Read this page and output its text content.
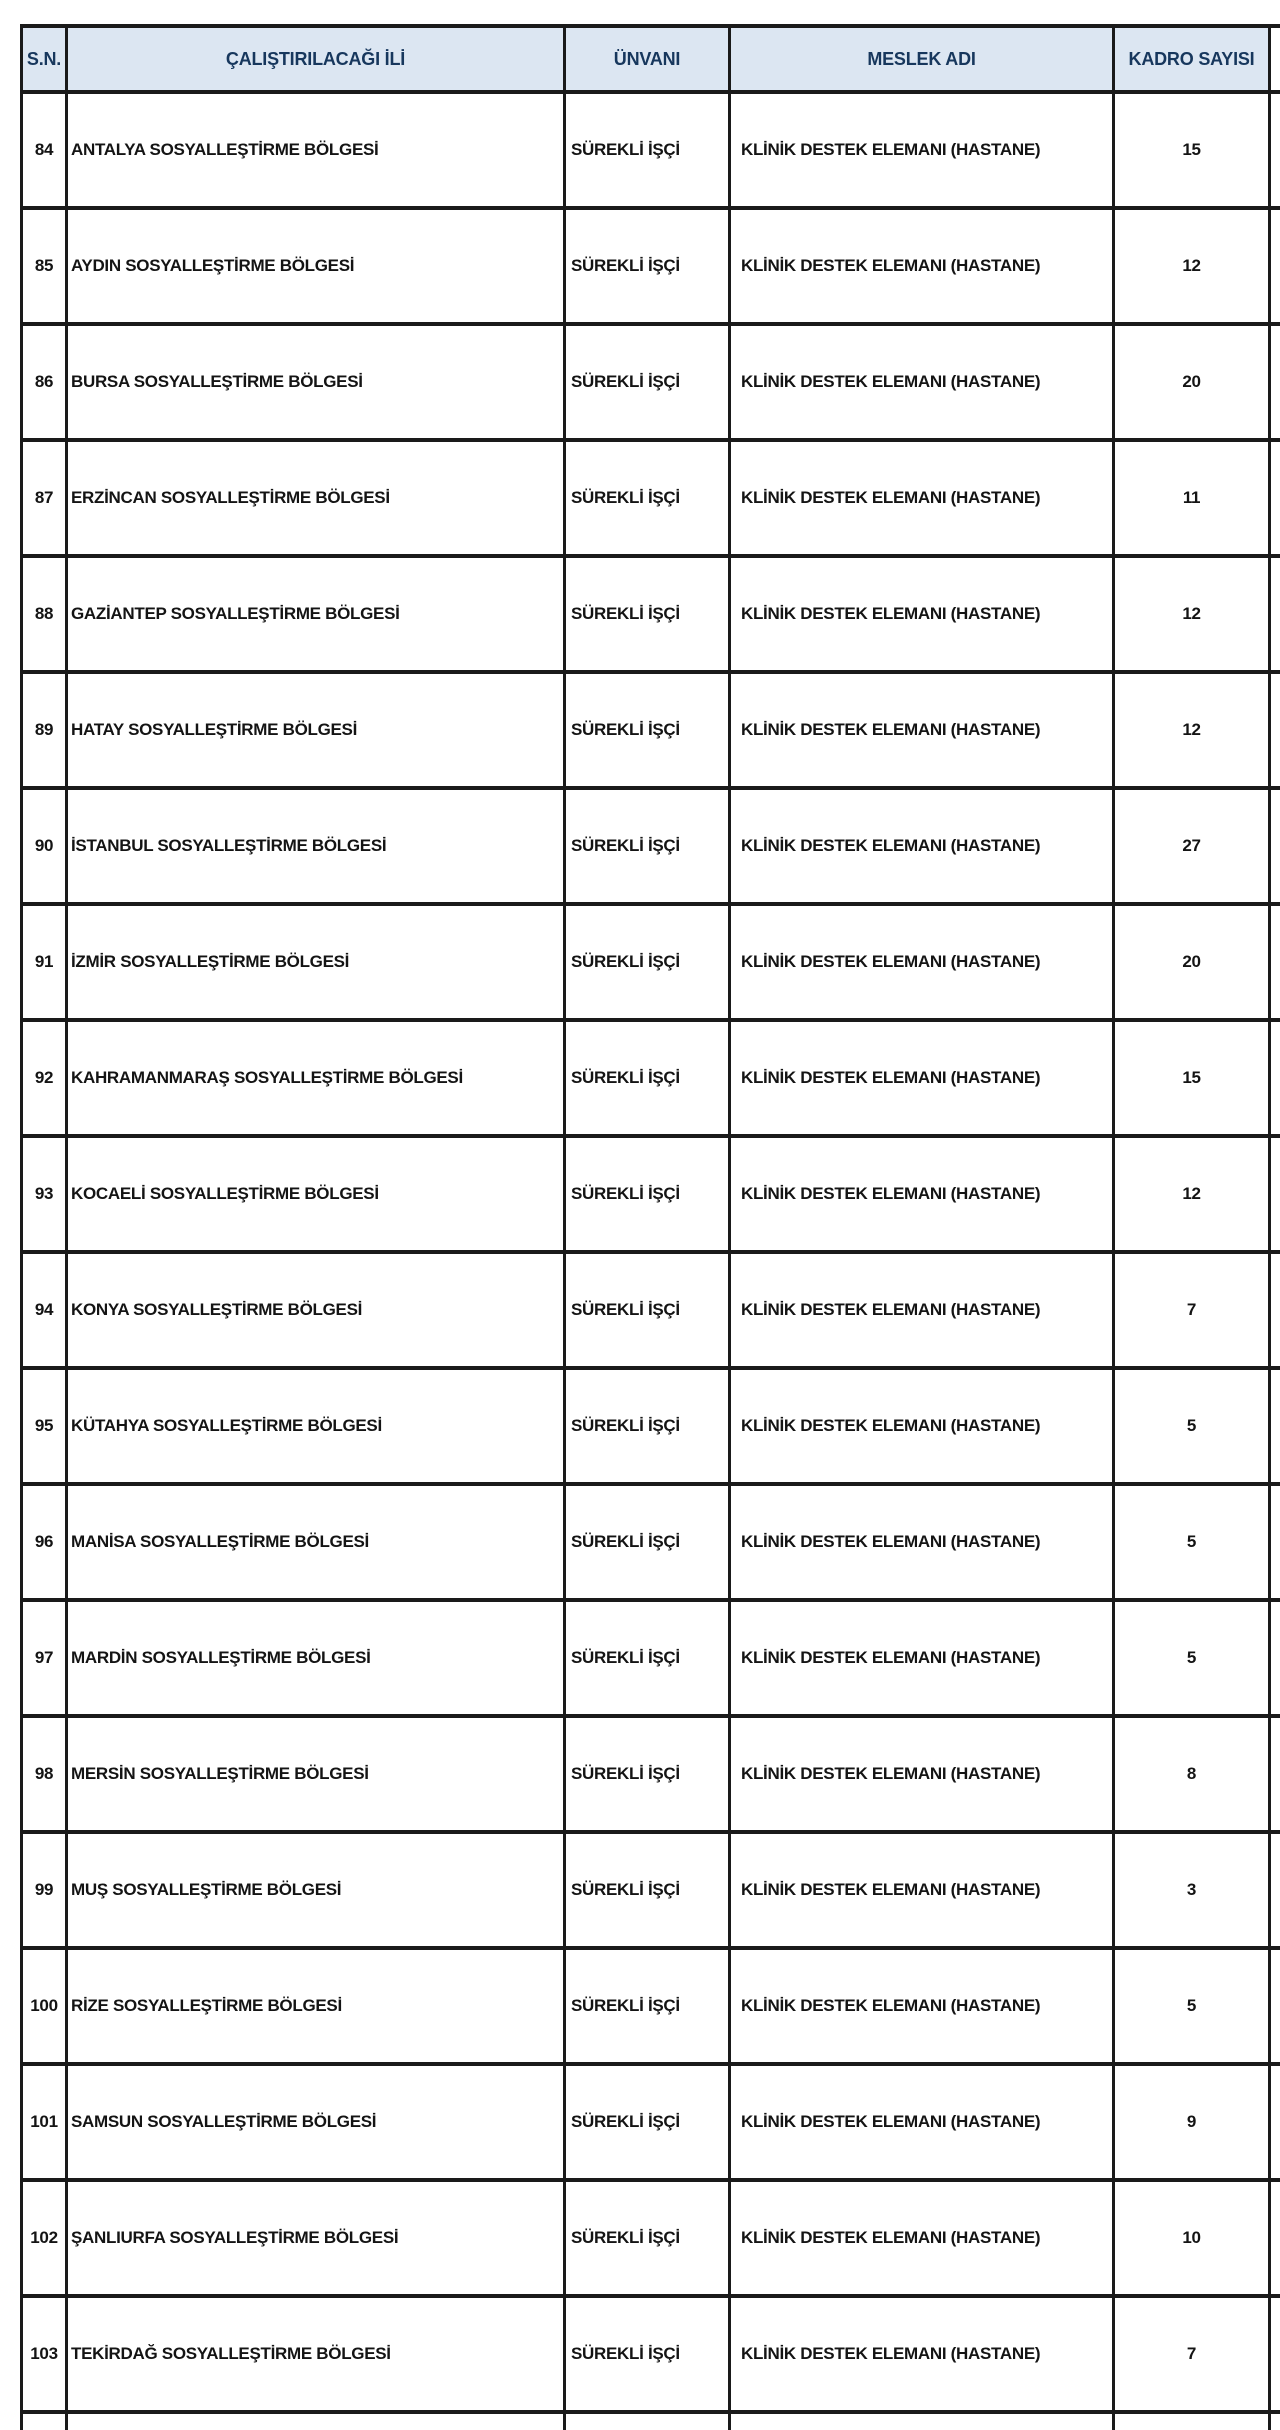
S.N.	ÇALIŞTIRILACAĞI İLİ	ÜNVANI	MESLEK ADI	KADRO SAYISI	
84	ANTALYA SOSYALLEŞTİRME BÖLGESİ	SÜREKLİ İŞÇİ	KLİNİK DESTEK ELEMANI (HASTANE)	15	
85	AYDIN SOSYALLEŞTİRME BÖLGESİ	SÜREKLİ İŞÇİ	KLİNİK DESTEK ELEMANI (HASTANE)	12	
86	BURSA SOSYALLEŞTİRME BÖLGESİ	SÜREKLİ İŞÇİ	KLİNİK DESTEK ELEMANI (HASTANE)	20	
87	ERZİNCAN SOSYALLEŞTİRME BÖLGESİ	SÜREKLİ İŞÇİ	KLİNİK DESTEK ELEMANI (HASTANE)	11	
88	GAZİANTEP SOSYALLEŞTİRME BÖLGESİ	SÜREKLİ İŞÇİ	KLİNİK DESTEK ELEMANI (HASTANE)	12	
89	HATAY SOSYALLEŞTİRME BÖLGESİ	SÜREKLİ İŞÇİ	KLİNİK DESTEK ELEMANI (HASTANE)	12	
90	İSTANBUL SOSYALLEŞTİRME BÖLGESİ	SÜREKLİ İŞÇİ	KLİNİK DESTEK ELEMANI (HASTANE)	27	
91	İZMİR SOSYALLEŞTİRME BÖLGESİ	SÜREKLİ İŞÇİ	KLİNİK DESTEK ELEMANI (HASTANE)	20	
92	KAHRAMANMARAŞ SOSYALLEŞTİRME BÖLGESİ	SÜREKLİ İŞÇİ	KLİNİK DESTEK ELEMANI (HASTANE)	15	
93	KOCAELİ SOSYALLEŞTİRME BÖLGESİ	SÜREKLİ İŞÇİ	KLİNİK DESTEK ELEMANI (HASTANE)	12	
94	KONYA SOSYALLEŞTİRME BÖLGESİ	SÜREKLİ İŞÇİ	KLİNİK DESTEK ELEMANI (HASTANE)	7	
95	KÜTAHYA SOSYALLEŞTİRME BÖLGESİ	SÜREKLİ İŞÇİ	KLİNİK DESTEK ELEMANI (HASTANE)	5	
96	MANİSA SOSYALLEŞTİRME BÖLGESİ	SÜREKLİ İŞÇİ	KLİNİK DESTEK ELEMANI (HASTANE)	5	
97	MARDİN SOSYALLEŞTİRME BÖLGESİ	SÜREKLİ İŞÇİ	KLİNİK DESTEK ELEMANI (HASTANE)	5	
98	MERSİN SOSYALLEŞTİRME BÖLGESİ	SÜREKLİ İŞÇİ	KLİNİK DESTEK ELEMANI (HASTANE)	8	
99	MUŞ SOSYALLEŞTİRME BÖLGESİ	SÜREKLİ İŞÇİ	KLİNİK DESTEK ELEMANI (HASTANE)	3	
100	RİZE SOSYALLEŞTİRME BÖLGESİ	SÜREKLİ İŞÇİ	KLİNİK DESTEK ELEMANI (HASTANE)	5	
101	SAMSUN SOSYALLEŞTİRME BÖLGESİ	SÜREKLİ İŞÇİ	KLİNİK DESTEK ELEMANI (HASTANE)	9	
102	ŞANLIURFA SOSYALLEŞTİRME BÖLGESİ	SÜREKLİ İŞÇİ	KLİNİK DESTEK ELEMANI (HASTANE)	10	
103	TEKİRDAĞ SOSYALLEŞTİRME BÖLGESİ	SÜREKLİ İŞÇİ	KLİNİK DESTEK ELEMANI (HASTANE)	7	
